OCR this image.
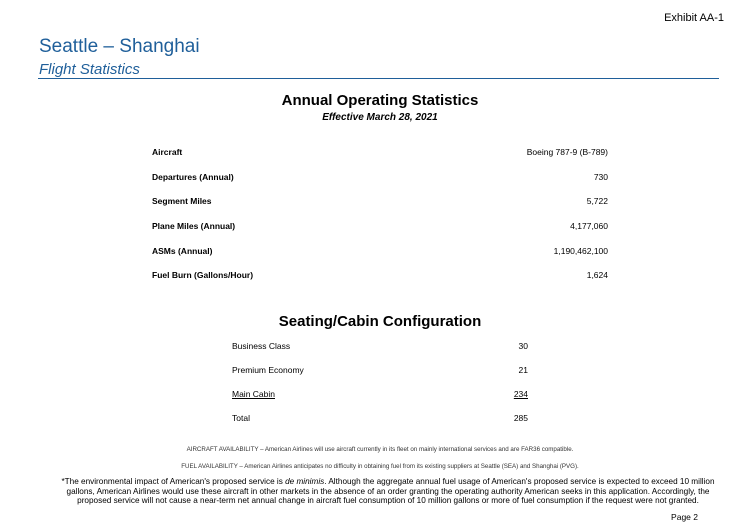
Exhibit AA-1
Seattle – Shanghai
Flight Statistics
Annual Operating Statistics
Effective March 28, 2021
Aircraft	Boeing 787-9 (B-789)
Departures (Annual)	730
Segment Miles	5,722
Plane Miles (Annual)	4,177,060
ASMs (Annual)	1,190,462,100
Fuel Burn (Gallons/Hour)	1,624
Seating/Cabin Configuration
Business Class	30
Premium Economy	21
Main Cabin	234
Total	285
AIRCRAFT AVAILABILITY – American Airlines will use aircraft currently in its fleet on mainly international services and are FAR36 compatible.
FUEL AVAILABILITY – American Airlines anticipates no difficulty in obtaining fuel from its existing suppliers at Seattle (SEA) and Shanghai (PVG).
*The environmental impact of American's proposed service is de minimis. Although the aggregate annual fuel usage of American's proposed service is expected to exceed 10 million gallons, American Airlines would use these aircraft in other markets in the absence of an order granting the operating authority American seeks in this application. Accordingly, the proposed service will not cause a near-term net annual change in aircraft fuel consumption of 10 million gallons or more of fuel consumption if the request were not granted.
Page 2
